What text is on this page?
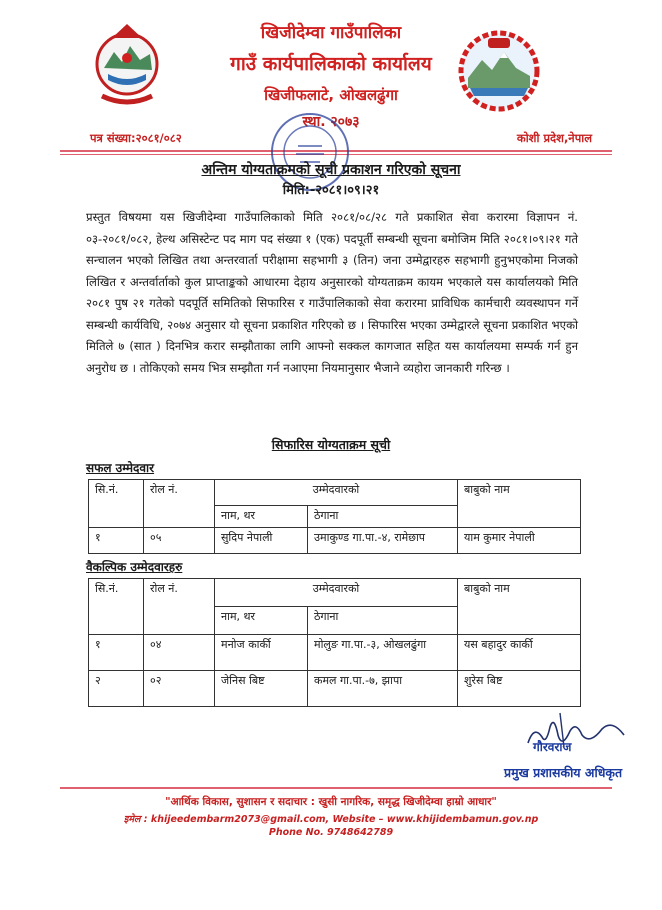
खिजीदेम्वा गाउँपालिका
गाउँ कार्यपालिकाको कार्यालय
खिजीफलाटे, ओखलढुंगा
स्था. २०७३
पत्र संख्या:२०८१/०८२	कोशी प्रदेश,नेपाल
अन्तिम योग्यताक्रमको सूची प्रकाशन गरिएको सूचना
मिति:-२०८१।०९।२१
प्रस्तुत विषयमा यस खिजीदेम्वा गाउँपालिकाको मिति २०८१/०८/२८ गते प्रकाशित सेवा करारमा विज्ञापन नं. ०३-२०८१/०८२, हेल्थ असिस्टेन्ट पद माग पद संख्या १ (एक) पदपूर्ती सम्बन्धी सूचना बमोजिम मिति २०८१।०९।२१ गते सन्चालन भएको लिखित तथा अन्तरवार्ता परीक्षामा सहभागी ३ (तिन) जना उम्मेद्वारहरु सहभागी हुनुभएकोमा निजको लिखित र अन्तर्वार्ताको कुल प्राप्ताङ्कको आधारमा देहाय अनुसारको योग्यताक्रम कायम भएकाले यस कार्यालयको मिति २०८१ पुष २१ गतेको पदपूर्ति समितिको सिफारिस र गाउँपालिकाको सेवा करारमा प्राविधिक कार्मचारी व्यवस्थापन गर्ने सम्बन्धी कार्यविधि, २०७४ अनुसार यो सूचना प्रकाशित गरिएको छ । सिफारिस भएका उम्मेद्वारले सूचना प्रकाशित भएको मितिले ७ (सात ) दिनभित्र करार सम्झौताका लागि आफ्नो सक्कल कागजात सहित यस कार्यालयमा सम्पर्क गर्न हुन अनुरोध छ । तोकिएको समय भित्र सम्झौता गर्न नआएमा नियमानुसार भैजाने व्यहोरा जानकारी गरिन्छ ।
सिफारिस योग्यताक्रम सूची
सफल उम्मेदवार
सि.नं.	रोल नं.	उम्मेदवारको		बाबुको नाम
		नाम, थर	ठेगाना	
१	०५	सुदिप नेपाली	उमाकुण्ड गा.पा.-४, रामेछाप	याम कुमार नेपाली
वैकल्पिक उम्मेदवारहरु
सि.नं.	रोल नं.	उम्मेदवारको		बाबुको नाम
		नाम, थर	ठेगाना	
१	०४	मनोज कार्की	मोलुङ गा.पा.-३, ओखलढुंगा	यस बहादुर कार्की
२	०२	जेनिस बिष्ट	कमल गा.पा.-७, झापा	शुरेस बिष्ट
गौरवराज
प्रमुख प्रशासकीय अधिकृत
"आर्थिक विकास, सुशासन र सदाचार : खुसी नागरिक, समृद्ध खिजीदेम्वा हाम्रो आधार"
इमेल : khijeedembarm2073@gmail.com, Website – www.khijidembamun.gov.np
Phone No. 9748642789
